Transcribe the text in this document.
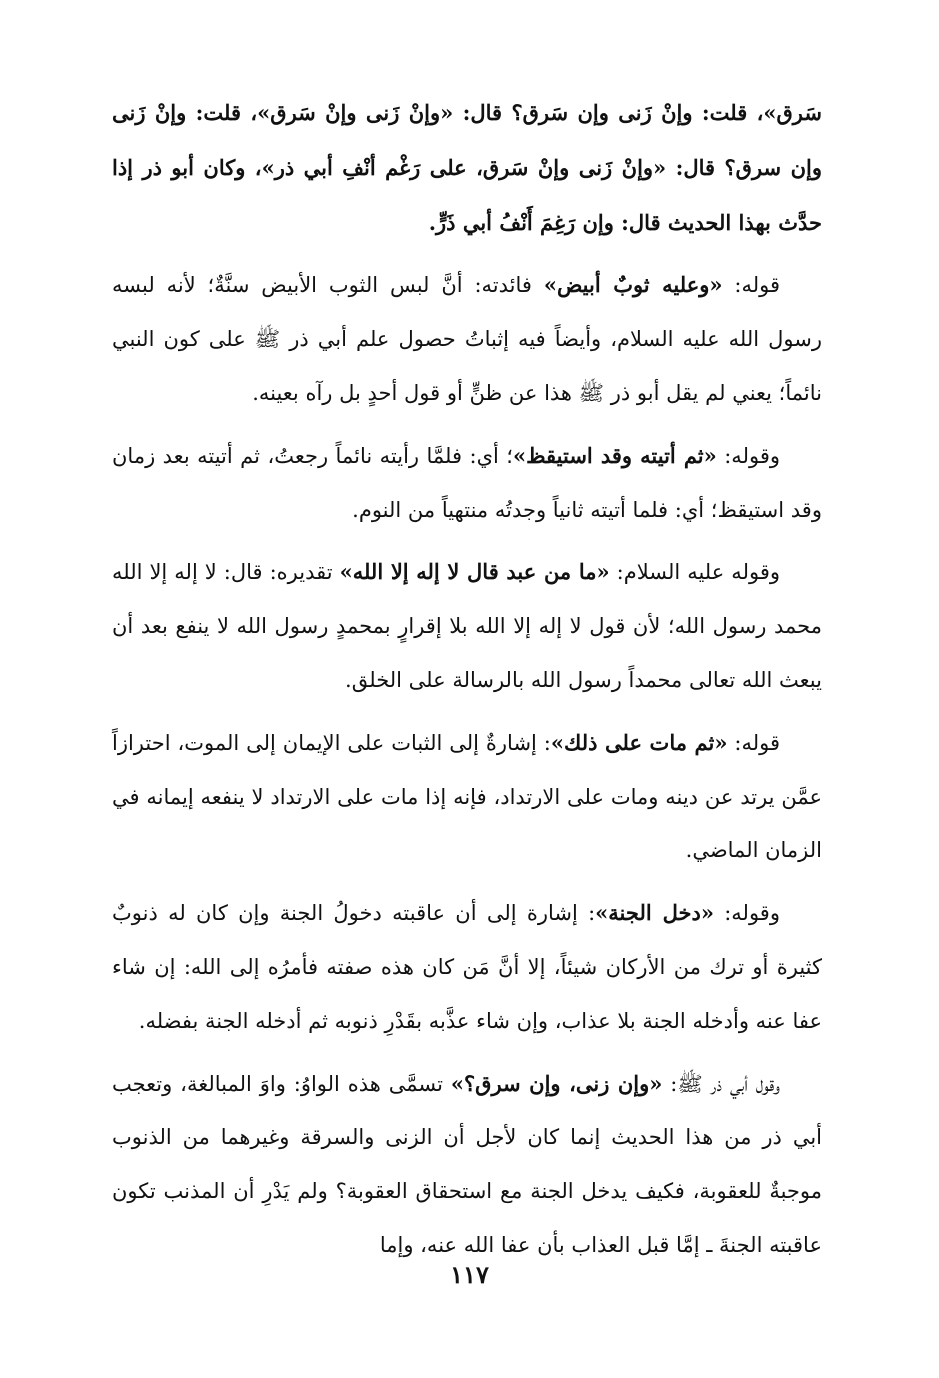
سَرق»، قلت: وإنْ زَنى وإن سَرق؟ قال: «وإنْ زَنى وإنْ سَرق»، قلت: وإنْ زَنى وإن سرق؟ قال: «وإنْ زَنى وإنْ سَرق، على رَغْم أنْفِ أبي ذر»، وكان أبو ذر إذا حدَّث بهذا الحديث قال: وإن رَغِمَ أَنْفُ أبي ذَرٍّ.

قوله: «وعليه ثوبٌ أبيض» فائدته: أنَّ لبس الثوب الأبيض سنَّةٌ؛ لأنه لبسه رسول الله عليه السلام، وأيضاً فيه إثباتُ حصول علم أبي ذر ﷺ على كون النبي نائماً؛ يعني لم يقل أبو ذر ﷺ هذا عن ظنٍّ أو قول أحدٍ بل رآه بعينه.

وقوله: «ثم أتيته وقد استيقظ»؛ أي: فلمَّا رأيته نائماً رجعتُ، ثم أتيته بعد زمان وقد استيقظ؛ أي: فلما أتيته ثانياً وجدتُه منتهياً من النوم.

وقوله عليه السلام: «ما من عبد قال لا إله إلا الله» تقديره: قال: لا إله إلا الله محمد رسول الله؛ لأن قول لا إله إلا الله بلا إقرارٍ بمحمدٍ رسول الله لا ينفع بعد أن يبعث الله تعالى محمداً رسول الله بالرسالة على الخلق.

قوله: «ثم مات على ذلك»: إشارةٌ إلى الثبات على الإيمان إلى الموت، احترازاً عمَّن يرتد عن دينه ومات على الارتداد، فإنه إذا مات على الارتداد لا ينفعه إيمانه في الزمان الماضي.

وقوله: «دخل الجنة»: إشارة إلى أن عاقبته دخولُ الجنة وإن كان له ذنوبٌ كثيرة أو ترك من الأركان شيئاً، إلا أنَّ مَن كان هذه صفته فأمرُه إلى الله: إن شاء عفا عنه وأدخله الجنة بلا عذاب، وإن شاء عذَّبه بقَدْرِ ذنوبه ثم أدخله الجنة بفضله.

وقول أبي ذر ﷺ: «وإن زنى، وإن سرق؟» تسمَّى هذه الواوُ: واوَ المبالغة، وتعجب أبي ذر من هذا الحديث إنما كان لأجل أن الزنى والسرقة وغيرهما من الذنوب موجبةٌ للعقوبة، فكيف يدخل الجنة مع استحقاق العقوبة؟ ولم يَدْرِ أن المذنب تكون عاقبته الجنةَ ـ إمَّا قبل العذاب بأن عفا الله عنه، وإما

١١٧
